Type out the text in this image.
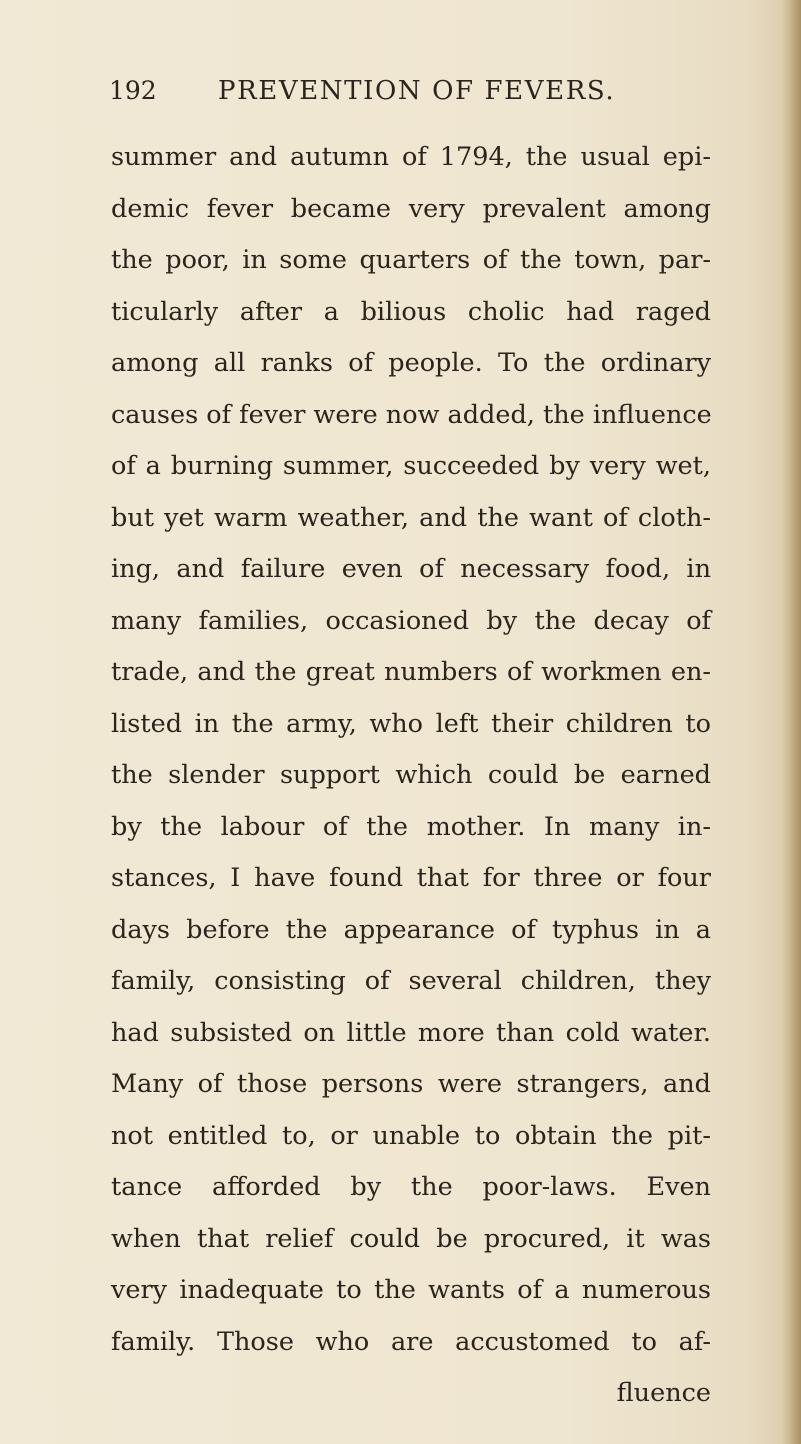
192 PREVENTION OF FEVERS.
summer and autumn of 1794, the usual epi-
demic fever became very prevalent among
the poor, in some quarters of the town, par-
ticularly after a bilious cholic had raged
among all ranks of people. To the ordinary
causes of fever were now added, the influence
of a burning summer, succeeded by very wet,
but yet warm weather, and the want of cloth-
ing, and failure even of necessary food, in
many families, occasioned by the decay of
trade, and the great numbers of workmen en-
listed in the army, who left their children to
the slender support which could be earned
by the labour of the mother. In many in-
stances, I have found that for three or four
days before the appearance of typhus in a
family, consisting of several children, they
had subsisted on little more than cold water.
Many of those persons were strangers, and
not entitled to, or unable to obtain the pit-
tance afforded by the poor-laws. Even
when that relief could be procured, it was
very inadequate to the wants of a numerous
family. Those who are accustomed to af-
fluence
